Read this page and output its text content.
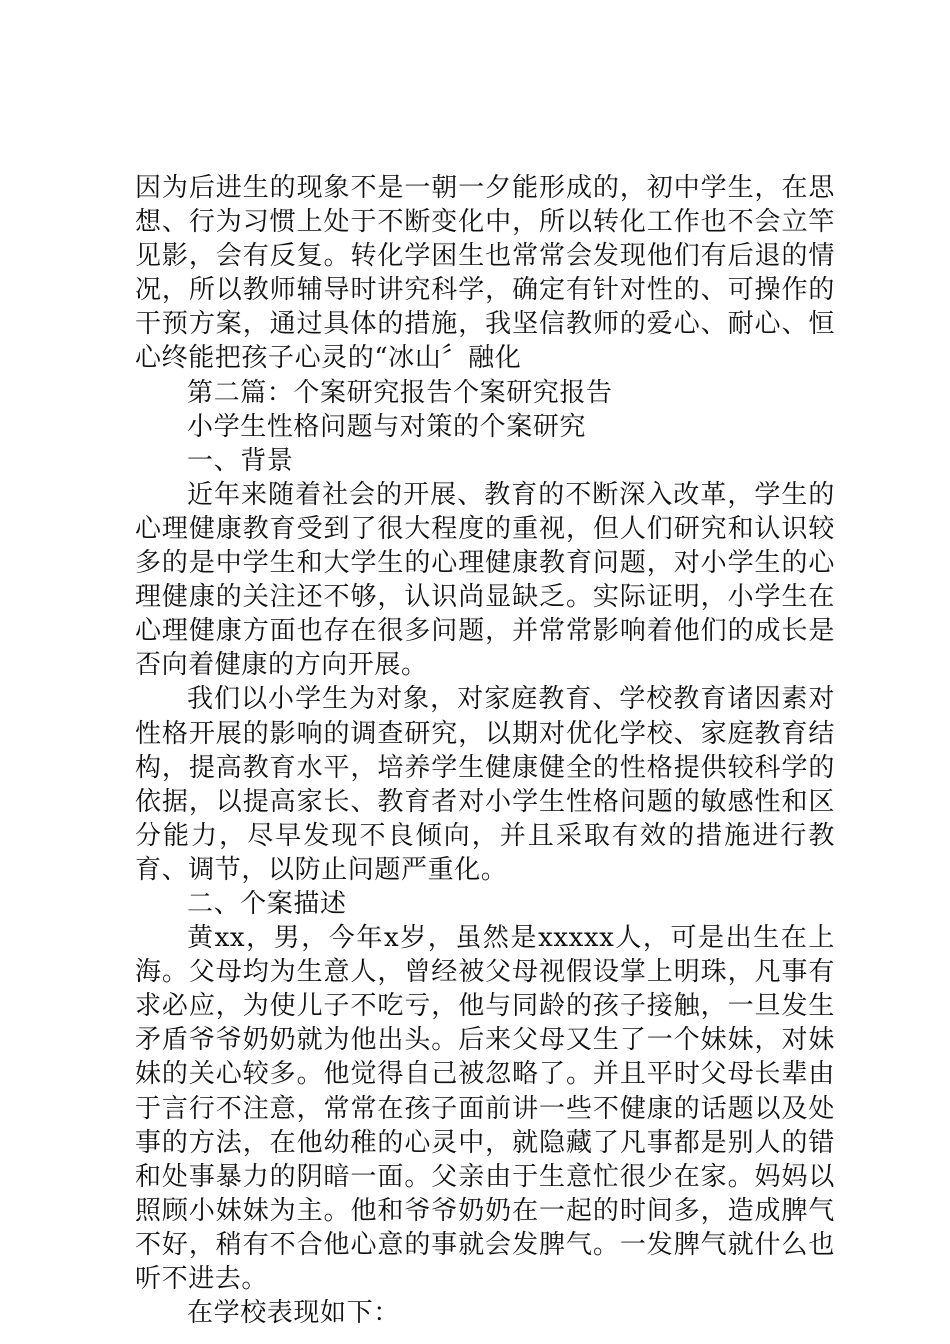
因为后进生的现象不是一朝一夕能形成的，初中学生，在思想、行为习惯上处于不断变化中，所以转化工作也不会立竿见影，会有反复。转化学困生也常常会发现他们有后退的情况，所以教师辅导时讲究科学，确定有针对性的、可操作的干预方案，通过具体的措施，我坚信教师的爱心、耐心、恒心终能把孩子心灵的“冰山〞融化

第二篇：个案研究报告个案研究报告

小学生性格问题与对策的个案研究

一、背景

近年来随着社会的开展、教育的不断深入改革，学生的心理健康教育受到了很大程度的重视，但人们研究和认识较多的是中学生和大学生的心理健康教育问题，对小学生的心理健康的关注还不够，认识尚显缺乏。实际证明，小学生在心理健康方面也存在很多问题，并常常影响着他们的成长是否向着健康的方向开展。

我们以小学生为对象，对家庭教育、学校教育诸因素对性格开展的影响的调查研究，以期对优化学校、家庭教育结构，提高教育水平，培养学生健康健全的性格提供较科学的依据，以提高家长、教育者对小学生性格问题的敏感性和区分能力，尽早发现不良倾向，并且采取有效的措施进行教育、调节，以防止问题严重化。

二、个案描述

黄xx，男，今年x岁，虽然是xxxxx人，可是出生在上海。父母均为生意人，曾经被父母视假设掌上明珠，凡事有求必应，为使儿子不吃亏，他与同龄的孩子接触，一旦发生矛盾爷爷奶奶就为他出头。后来父母又生了一个妹妹，对妹妹的关心较多。他觉得自己被忽略了。并且平时父母长辈由于言行不注意，常常在孩子面前讲一些不健康的话题以及处事的方法，在他幼稚的心灵中，就隐藏了凡事都是别人的错和处事暴力的阴暗一面。父亲由于生意忙很少在家。妈妈以照顾小妹妹为主。他和爷爷奶奶在一起的时间多，造成脾气不好，稍有不合他心意的事就会发脾气。一发脾气就什么也听不进去。

在学校表现如下：
